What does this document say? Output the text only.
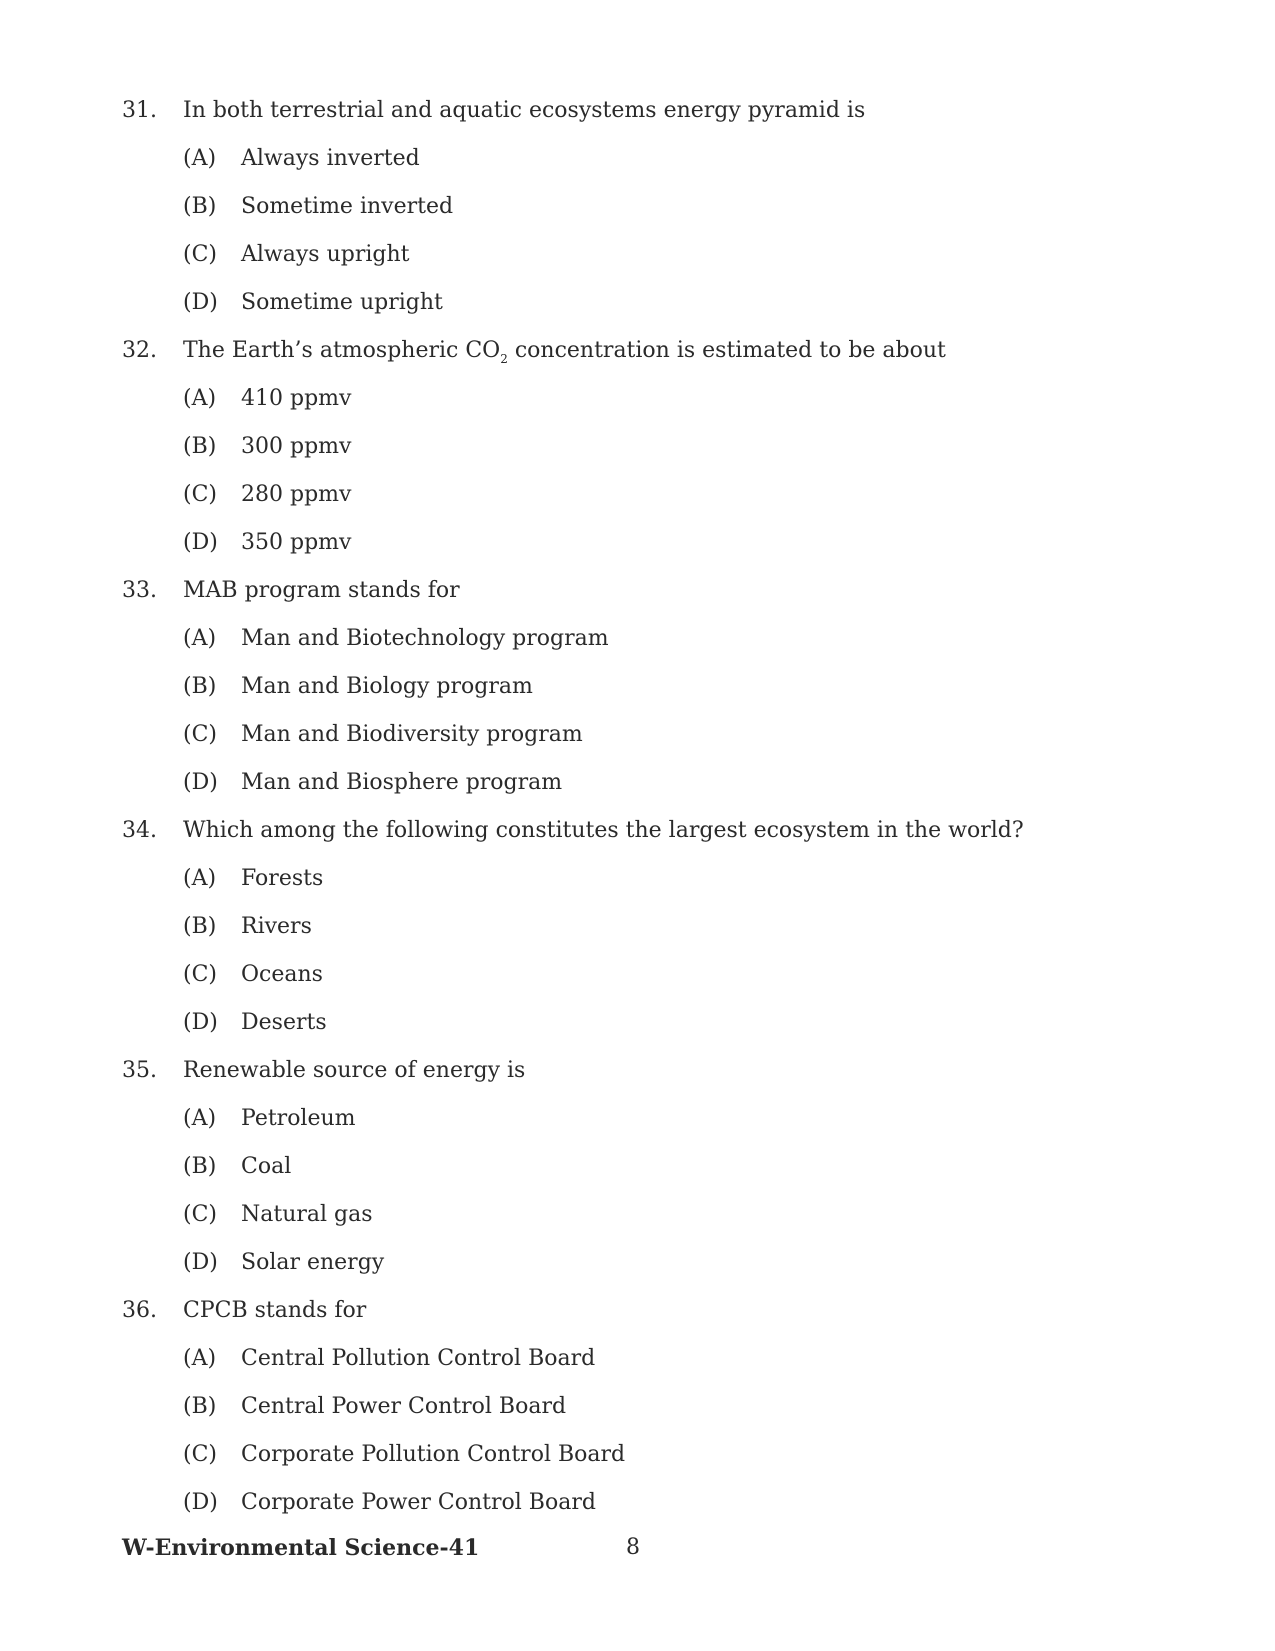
31. In both terrestrial and aquatic ecosystems energy pyramid is
(A) Always inverted
(B) Sometime inverted
(C) Always upright
(D) Sometime upright
32. The Earth’s atmospheric $CO_2$ concentration is estimated to be about
(A) 410 ppmv
(B) 300 ppmv
(C) 280 ppmv
(D) 350 ppmv
33. MAB program stands for
(A) Man and Biotechnology program
(B) Man and Biology program
(C) Man and Biodiversity program
(D) Man and Biosphere program
34. Which among the following constitutes the largest ecosystem in the world?
(A) Forests
(B) Rivers
(C) Oceans
(D) Deserts
35. Renewable source of energy is
(A) Petroleum
(B) Coal
(C) Natural gas
(D) Solar energy
36. CPCB stands for
(A) Central Pollution Control Board
(B) Central Power Control Board
(C) Corporate Pollution Control Board
(D) Corporate Power Control Board
W-Environmental Science-41	8
